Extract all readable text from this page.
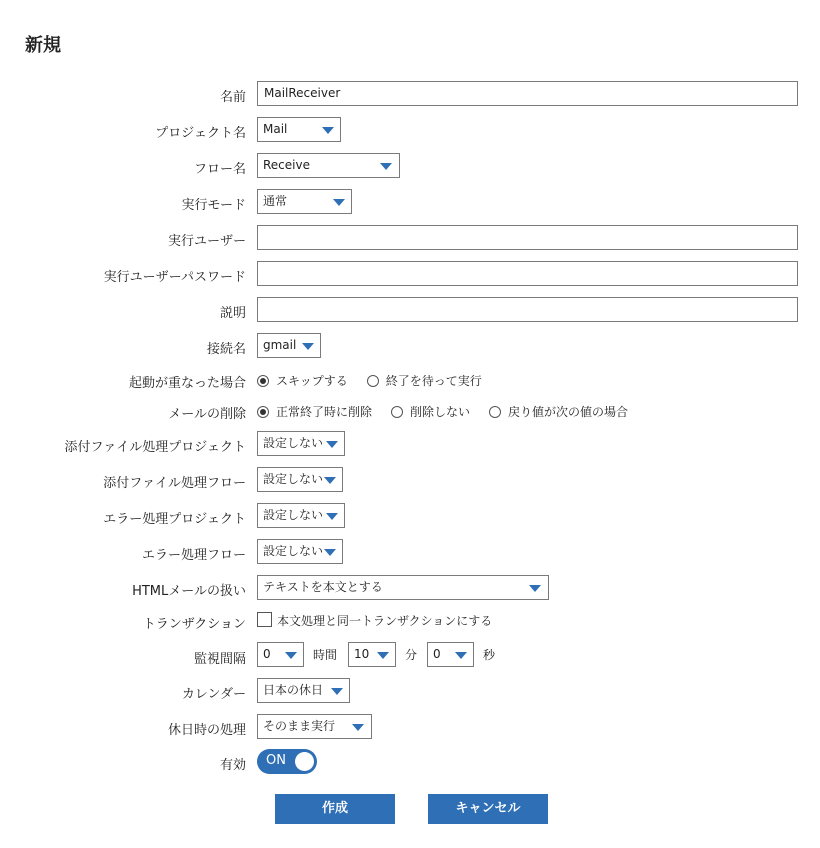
新規
名前	MailReceiver
プロジェクト名 Mail
フロー名 Receive
実行モード 通常
実行ユーザー
実行ユーザーパスワード
説明
接続名 gmail
起動が重なった場合	スキップする	終了を待って実行
メールの削除	正常終了時に削除	削除しない	戻り値が次の値の場合
添付ファイル処理プロジェクト 設定しない
添付ファイル処理フロー 設定しない
エラー処理プロジェクト 設定しない
エラー処理フロー 設定しない
HTMLメールの扱い テキストを本文とする
トランザクション	本文処理と同一トランザクションにする
監視間隔 0	時間 10	分 0	秒
カレンダー 日本の休日
休日時の処理 そのまま実行
有効 ON
作成	キャンセル
